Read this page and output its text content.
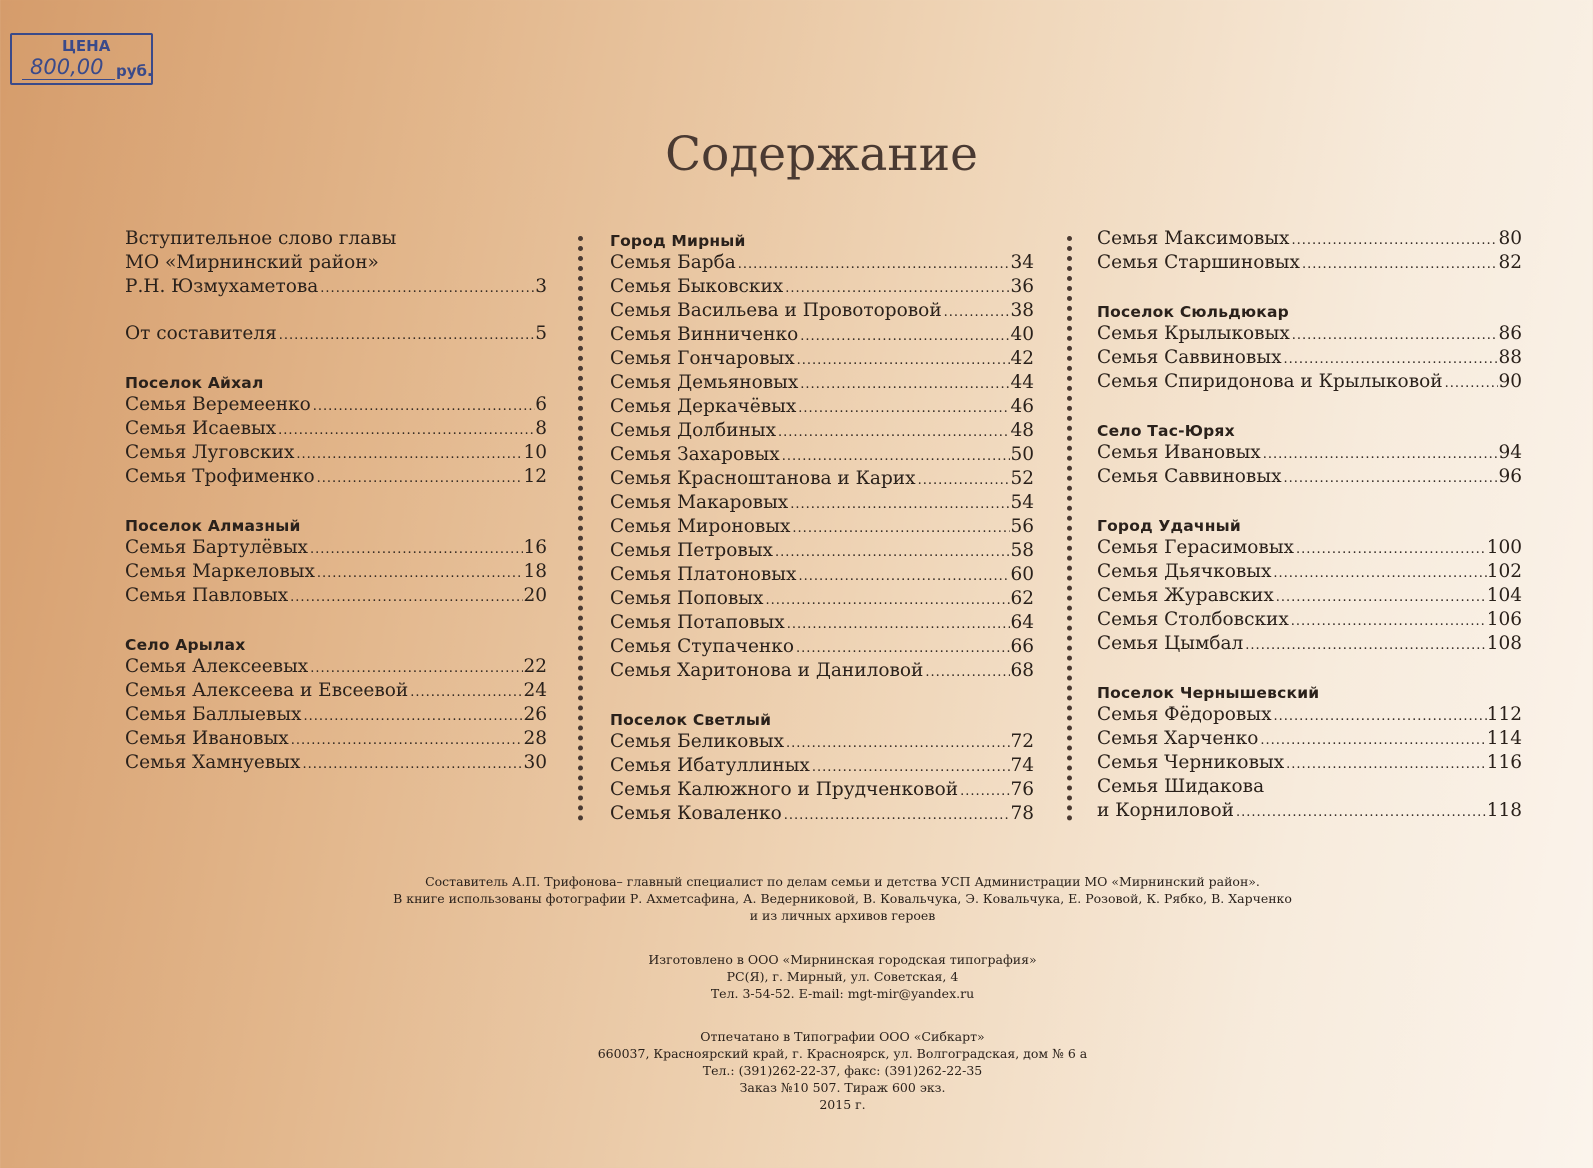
ЦЕНА
800,00 руб.
Содержание
Вступительное слово главы
МО «Мирнинский район»
Р.Н. Юзмухаметова .....	3
От составителя .....	5
Поселок Айхал
Семья Веремеенко .....	6
Семья Исаевых .....	8
Семья Луговских .....	10
Семья Трофименко .....	12
Поселок Алмазный
Семья Бартулёвых .....	16
Семья Маркеловых .....	18
Семья Павловых .....	20
Село Арылах
Семья Алексеевых .....	22
Семья Алексеева и Евсеевой .....	24
Семья Баллыевых .....	26
Семья Ивановых .....	28
Семья Хамнуевых .....	30
Город Мирный
Семья Барба .....	34
Семья Быковских .....	36
Семья Васильева и Провоторовой .....	38
Семья Винниченко .....	40
Семья Гончаровых .....	42
Семья Демьяновых .....	44
Семья Деркачёвых .....	46
Семья Долбиных .....	48
Семья Захаровых .....	50
Семья Красноштанова и Карих .....	52
Семья Макаровых .....	54
Семья Мироновых .....	56
Семья Петровых .....	58
Семья Платоновых .....	60
Семья Поповых .....	62
Семья Потаповых .....	64
Семья Ступаченко .....	66
Семья Харитонова и Даниловой .....	68
Поселок Светлый
Семья Беликовых .....	72
Семья Ибатуллиных .....	74
Семья Калюжного и Прудченковой .....	76
Семья Коваленко .....	78
Семья Максимовых .....	80
Семья Старшиновых .....	82
Поселок Сюльдюкар
Семья Крылыковых .....	86
Семья Саввиновых .....	88
Семья Спиридонова и Крылыковой .....	90
Село Тас-Юрях
Семья Ивановых .....	94
Семья Саввиновых .....	96
Город Удачный
Семья Герасимовых .....	100
Семья Дьячковых .....	102
Семья Журавских .....	104
Семья Столбовских .....	106
Семья Цымбал .....	108
Поселок Чернышевский
Семья Фёдоровых .....	112
Семья Харченко .....	114
Семья Черниковых .....	116
Семья Шидакова
и Корниловой .....	118
Составитель А.П. Трифонова– главный специалист по делам семьи и детства УСП Администрации МО «Мирнинский район».
В книге использованы фотографии Р. Ахметсафина, А. Ведерниковой, В. Ковальчука, Э. Ковальчука, Е. Розовой, К. Рябко, В. Харченко
и из личных архивов героев
Изготовлено в ООО «Мирнинская городская типография»
РС(Я), г. Мирный, ул. Советская, 4
Тел. 3-54-52. E-mail: mgt-mir@yandex.ru
Отпечатано в Типографии ООО «Сибкарт»
660037, Красноярский край, г. Красноярск, ул. Волгоградская, дом № 6 а
Тел.: (391)262-22-37, факс: (391)262-22-35
Заказ №10 507. Тираж 600 экз.
2015 г.
